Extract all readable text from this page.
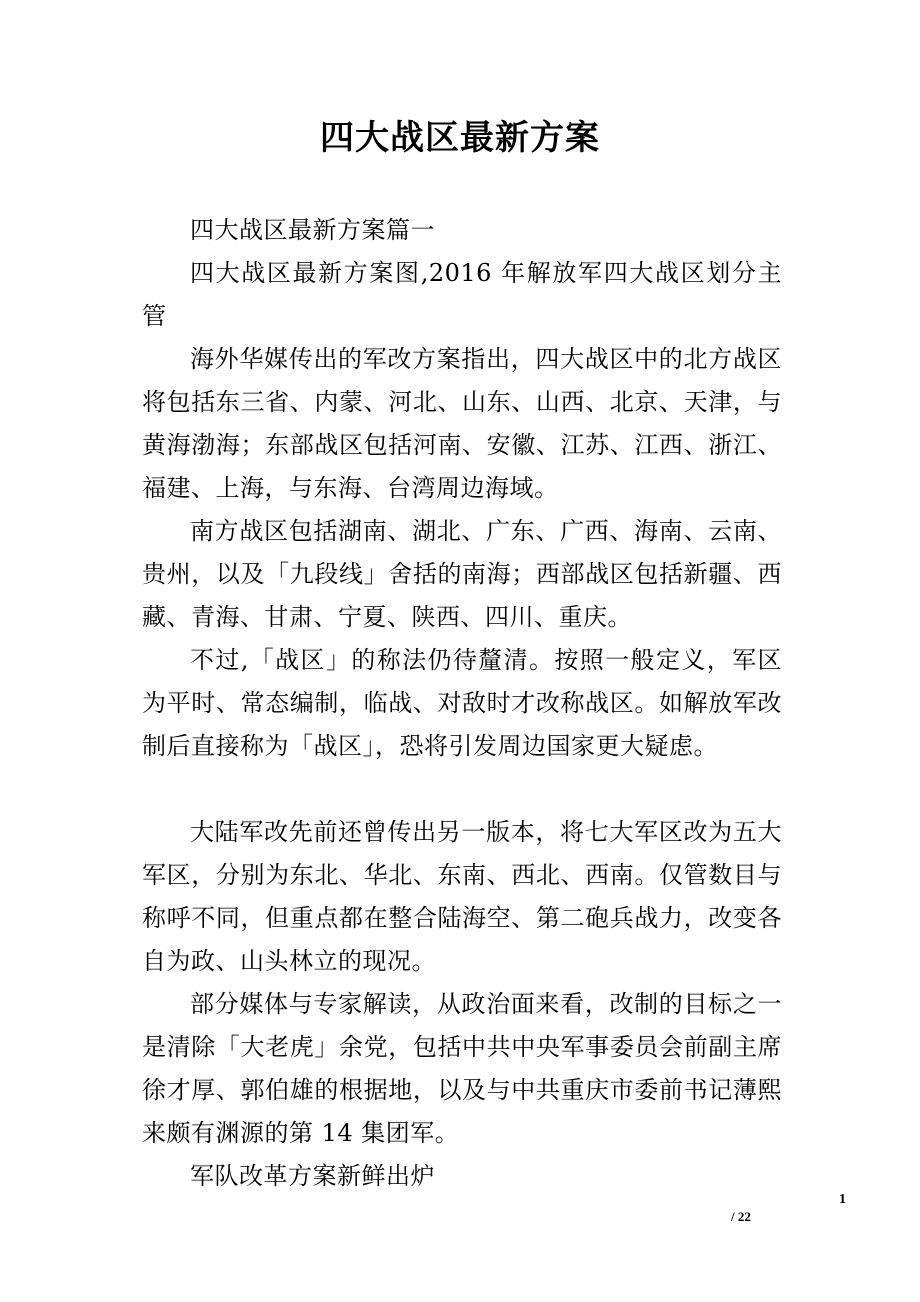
四大战区最新方案

四大战区最新方案篇一

四大战区最新方案图,2016 年解放军四大战区划分主管

海外华媒传出的军改方案指出，四大战区中的北方战区将包括东三省、内蒙、河北、山东、山西、北京、天津，与黄海渤海；东部战区包括河南、安徽、江苏、江西、浙江、福建、上海，与东海、台湾周边海域。

南方战区包括湖南、湖北、广东、广西、海南、云南、贵州，以及「九段线」舍括的南海；西部战区包括新疆、西藏、青海、甘肃、宁夏、陕西、四川、重庆。

不过,「战区」的称法仍待釐清。按照一般定义，军区为平时、常态编制，临战、对敌时才改称战区。如解放军改制后直接称为「战区」，恐将引发周边国家更大疑虑。

大陆军改先前还曾传出另一版本，将七大军区改为五大军区，分别为东北、华北、东南、西北、西南。仅管数目与称呼不同，但重点都在整合陆海空、第二砲兵战力，改变各自为政、山头林立的现况。

部分媒体与专家解读，从政治面来看，改制的目标之一是清除「大老虎」余党，包括中共中央军事委员会前副主席徐才厚、郭伯雄的根据地，以及与中共重庆市委前书记薄熙来颇有渊源的第 14 集团军。

军队改革方案新鲜出炉

1
/ 22
